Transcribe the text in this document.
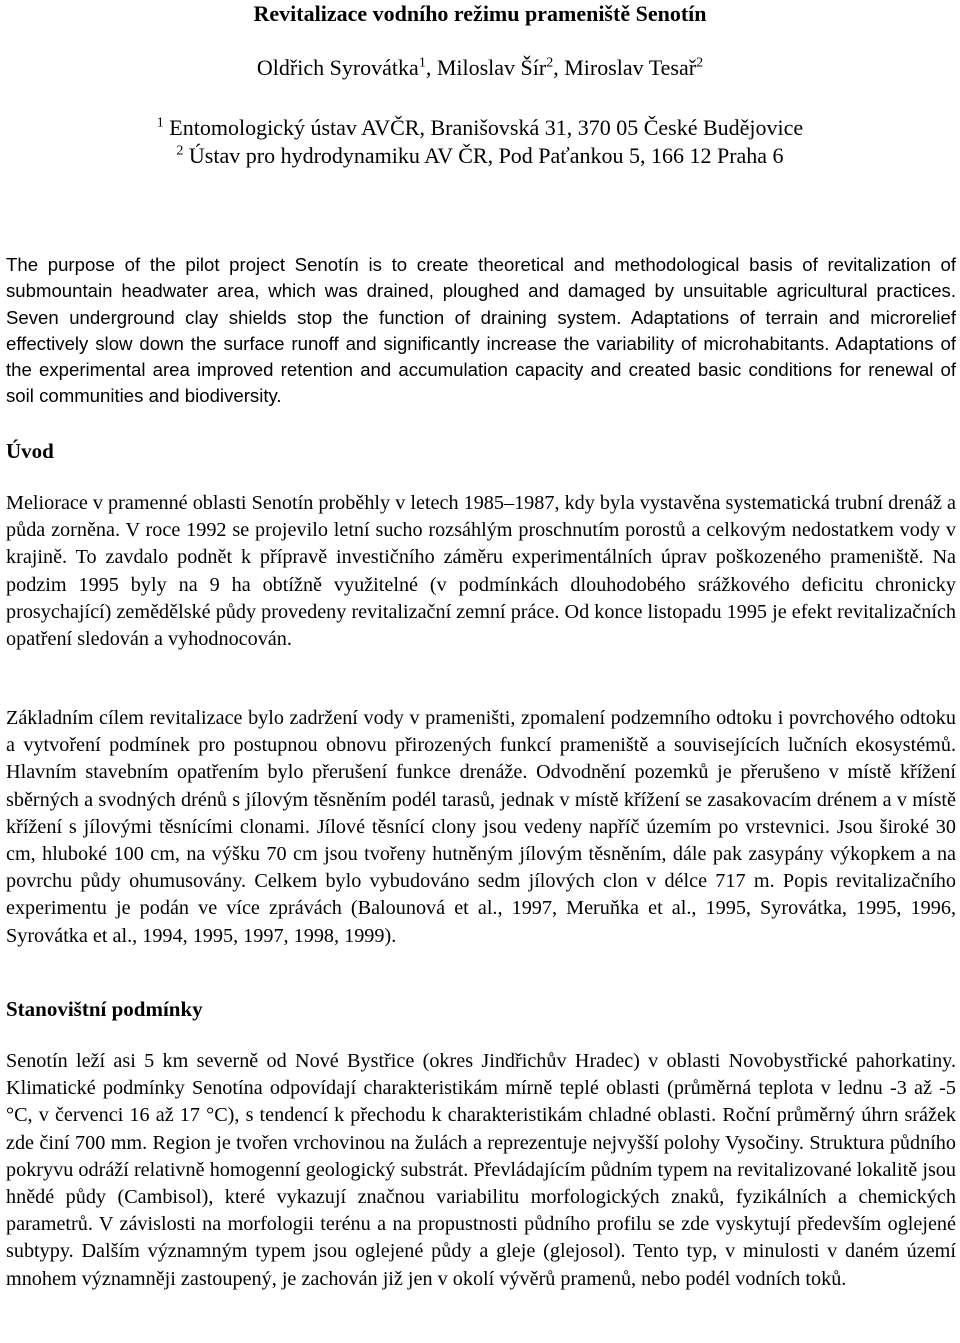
Revitalizace vodního režimu prameniště Senotín
Oldřich Syrovátka$^1$, Miloslav Šír$^2$, Miroslav Tesař$^2$
$^1$ Entomologický ústav AVČR, Branišovská 31, 370 05 České Budějovice
$^2$ Ústav pro hydrodynamiku AV ČR, Pod Paťankou 5, 166 12 Praha 6

The purpose of the pilot project Senotín is to create theoretical and methodological basis of revitalization of submountain headwater area, which was drained, ploughed and damaged by unsuitable agricultural practices. Seven underground clay shields stop the function of draining system. Adaptations of terrain and microrelief effectively slow down the surface runoff and significantly increase the variability of microhabitants. Adaptations of the experimental area improved retention and accumulation capacity and created basic conditions for renewal of soil communities and biodiversity.

Úvod

Meliorace v pramenné oblasti Senotín proběhly v letech 1985–1987, kdy byla vystavěna systematická trubní drenáž a půda zorněna. V roce 1992 se projevilo letní sucho rozsáhlým proschnutím porostů a celkovým nedostatkem vody v krajině. To zavdalo podnět k přípravě investičního záměru experimentálních úprav poškozeného prameniště. Na podzim 1995 byly na 9 ha obtížně využitelné (v podmínkách dlouhodobého srážkového deficitu chronicky prosychající) zemědělské půdy provedeny revitalizační zemní práce. Od konce listopadu 1995 je efekt revitalizačních opatření sledován a vyhodnocován.

Základním cílem revitalizace bylo zadržení vody v prameništi, zpomalení podzemního odtoku i povrchového odtoku a vytvoření podmínek pro postupnou obnovu přirozených funkcí prameniště a souvisejících lučních ekosystémů. Hlavním stavebním opatřením bylo přerušení funkce drenáže. Odvodnění pozemků je přerušeno v místě křížení sběrných a svodných drénů s jílovým těsněním podél tarasů, jednak v místě křížení se zasakovacím drénem a v místě křížení s jílovými těsnícími clonami. Jílové těsnící clony jsou vedeny napříč územím po vrstevnici. Jsou široké 30 cm, hluboké 100 cm, na výšku 70 cm jsou tvořeny hutněným jílovým těsněním, dále pak zasypány výkopkem a na povrchu půdy ohumusovány. Celkem bylo vybudováno sedm jílových clon v délce 717 m. Popis revitalizačního experimentu je podán ve více zprávách (Balounová et al., 1997, Meruňka et al., 1995, Syrovátka, 1995, 1996, Syrovátka et al., 1994, 1995, 1997, 1998, 1999).

Stanovištní podmínky

Senotín leží asi 5 km severně od Nové Bystřice (okres Jindřichův Hradec) v oblasti Novobystřické pahorkatiny. Klimatické podmínky Senotína odpovídají charakteristikám mírně teplé oblasti (průměrná teplota v lednu -3 až -5 °C, v červenci 16 až 17 °C), s tendencí k přechodu k charakteristikám chladné oblasti. Roční průměrný úhrn srážek zde činí 700 mm. Region je tvořen vrchovinou na žulách a reprezentuje nejvyšší polohy Vysočiny. Struktura půdního pokryvu odráží relativně homogenní geologický substrát. Převládajícím půdním typem na revitalizované lokalitě jsou hnědé půdy (Cambisol), které vykazují značnou variabilitu morfologických znaků, fyzikálních a chemických parametrů. V závislosti na morfologii terénu a na propustnosti půdního profilu se zde vyskytují především oglejené subtypy. Dalším významným typem jsou oglejené půdy a gleje (glejosol). Tento typ, v minulosti v daném území mnohem významněji zastoupený, je zachován již jen v okolí vývěrů pramenů, nebo podél vodních toků.
